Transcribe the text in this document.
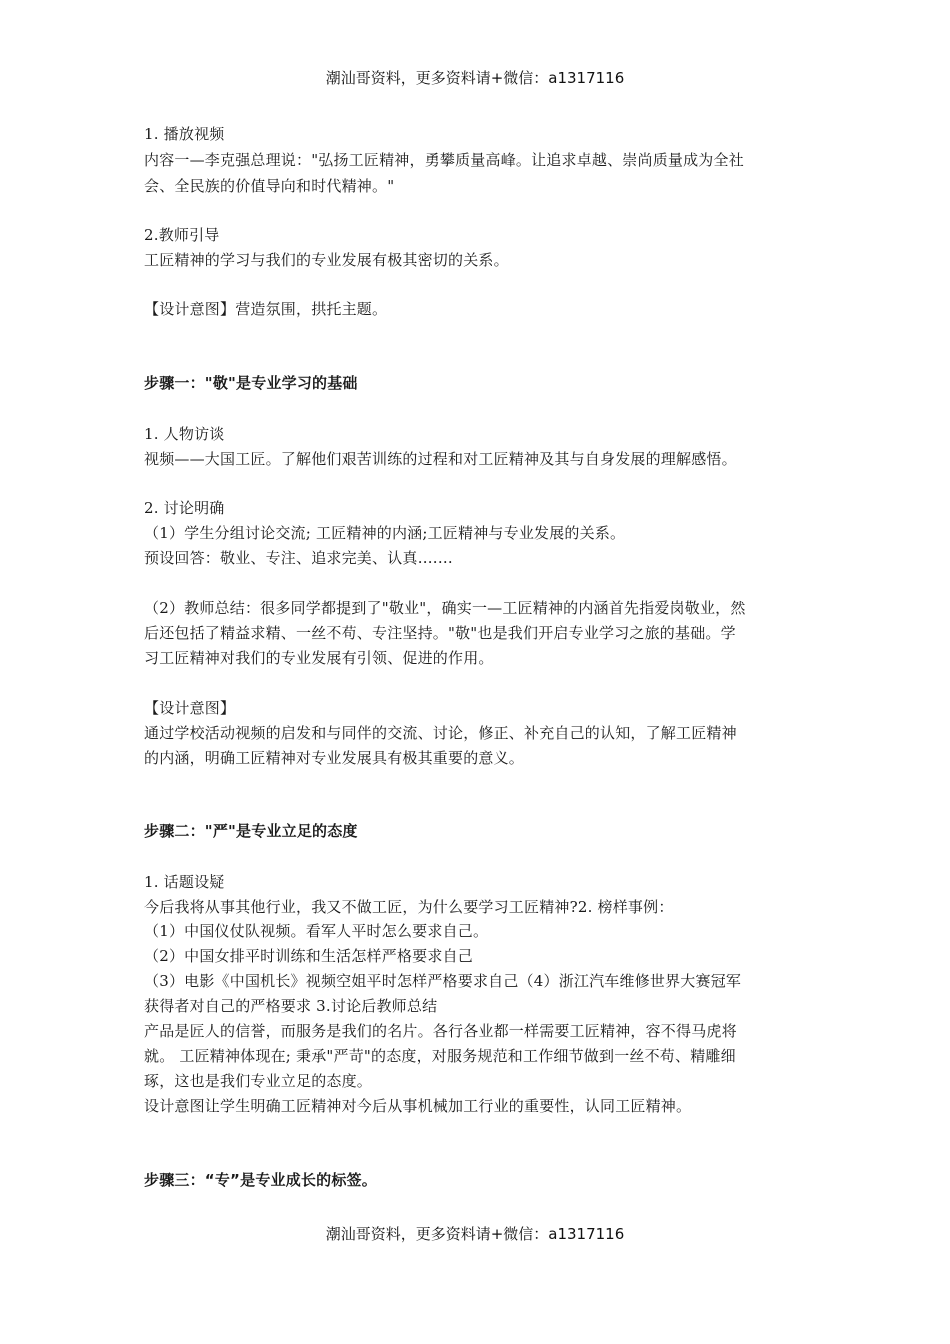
潮汕哥资料，更多资料请+微信：a1317116
1. 播放视频
内容一—李克强总理说："弘扬工匠精神，勇攀质量高峰。让追求卓越、崇尚质量成为全社
会、全民族的价值导向和时代精神。"
2.教师引导
工匠精神的学习与我们的专业发展有极其密切的关系。
【设计意图】营造氛围，拱托主题。
步骤一："敬"是专业学习的基础
1. 人物访谈
视频——大国工匠。了解他们艰苦训练的过程和对工匠精神及其与自身发展的理解感悟。
2. 讨论明确
（1）学生分组讨论交流; 工匠精神的内涵;工匠精神与专业发展的关系。
预设回答：敬业、专注、追求完美、认真….…
（2）教师总结：很多同学都提到了"敬业"，确实一—工匠精神的内涵首先指爱岗敬业，然
后还包括了精益求精、一丝不苟、专注坚持。"敬"也是我们开启专业学习之旅的基础。学
习工匠精神对我们的专业发展有引领、促进的作用。
【设计意图】
通过学校活动视频的启发和与同伴的交流、讨论，修正、补充自己的认知，了解工匠精神
的内涵，明确工匠精神对专业发展具有极其重要的意义。
步骤二："严"是专业立足的态度
1. 话题设疑
今后我将从事其他行业，我又不做工匠，为什么要学习工匠精神?2. 榜样事例：
（1）中国仪仗队视频。看军人平时怎么要求自己。
（2）中国女排平时训练和生活怎样严格要求自己
（3）电影《中国机长》视频空姐平时怎样严格要求自己（4）浙江汽车维修世界大赛冠军
获得者对自己的严格要求 3.讨论后教师总结
产品是匠人的信誉，而服务是我们的名片。各行各业都一样需要工匠精神，容不得马虎将
就。 工匠精神体现在; 秉承"严苛"的态度，对服务规范和工作细节做到一丝不苟、精雕细
琢，这也是我们专业立足的态度。
设计意图让学生明确工匠精神对今后从事机械加工行业的重要性，认同工匠精神。
步骤三：“专”是专业成长的标签。
潮汕哥资料，更多资料请+微信：a1317116
